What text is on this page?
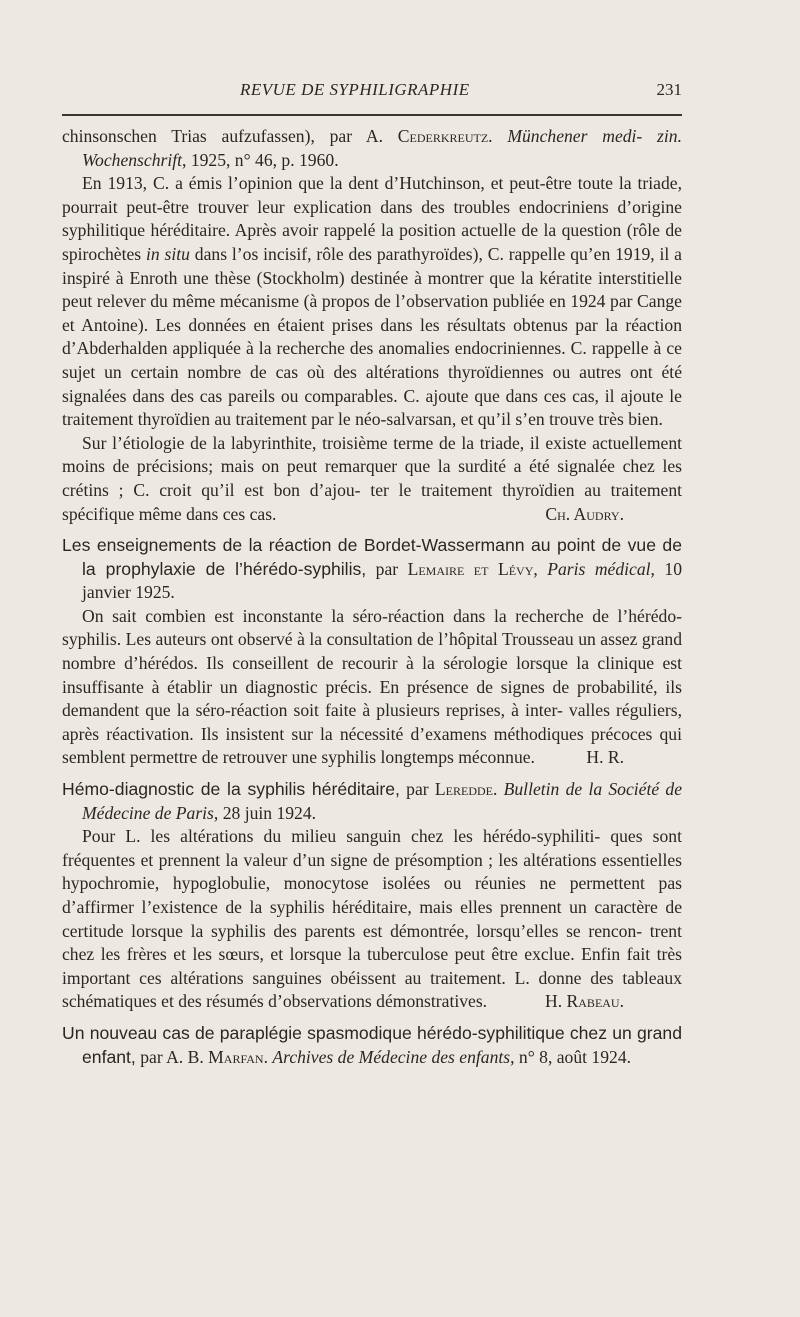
REVUE DE SYPHILIGRAPHIE	231

chinsonschen Trias aufzufassen), par A. Cederkreutz. Münchener medi- zin. Wochenschrift, 1925, n° 46, p. 1960.

En 1913, C. a émis l’opinion que la dent d’Hutchinson, et peut-être toute la triade, pourrait peut-être trouver leur explication dans des troubles endocriniens d’origine syphilitique héréditaire. Après avoir rappelé la position actuelle de la question (rôle de spirochètes in situ dans l’os incisif, rôle des parathyroïdes), C. rappelle qu’en 1919, il a inspiré à Enroth une thèse (Stockholm) destinée à montrer que la kératite interstitielle peut relever du même mécanisme (à propos de l’observation publiée en 1924 par Cange et Antoine). Les données en étaient prises dans les résultats obtenus par la réaction d’Abderhalden appliquée à la recherche des anomalies endocriniennes. C. rappelle à ce sujet un certain nombre de cas où des altérations thyroïdiennes ou autres ont été signalées dans des cas pareils ou comparables. C. ajoute que dans ces cas, il ajoute le traitement thyroïdien au traitement par le néo-salvarsan, et qu’il s’en trouve très bien.

Sur l’étiologie de la labyrinthite, troisième terme de la triade, il existe actuellement moins de précisions; mais on peut remarquer que la surdité a été signalée chez les crétins ; C. croit qu’il est bon d’ajou- ter le traitement thyroïdien au traitement spécifique même dans ces cas.	Ch. Audry.

Les enseignements de la réaction de Bordet-Wassermann au point de vue de la prophylaxie de l’hérédo-syphilis, par Lemaire et Lévy, Paris médical, 10 janvier 1925.

On sait combien est inconstante la séro-réaction dans la recherche de l’hérédo-syphilis. Les auteurs ont observé à la consultation de l’hôpital Trousseau un assez grand nombre d’hérédos. Ils conseillent de recourir à la sérologie lorsque la clinique est insuffisante à établir un diagnostic précis. En présence de signes de probabilité, ils demandent que la séro-réaction soit faite à plusieurs reprises, à inter- valles réguliers, après réactivation. Ils insistent sur la nécessité d’examens méthodiques précoces qui semblent permettre de retrouver une syphilis longtemps méconnue.	H. R.

Hémo-diagnostic de la syphilis héréditaire, par Leredde. Bulletin de la Société de Médecine de Paris, 28 juin 1924.

Pour L. les altérations du milieu sanguin chez les hérédo-syphiliti- ques sont fréquentes et prennent la valeur d’un signe de présomption ; les altérations essentielles hypochromie, hypoglobulie, monocytose isolées ou réunies ne permettent pas d’affirmer l’existence de la syphilis héréditaire, mais elles prennent un caractère de certitude lorsque la syphilis des parents est démontrée, lorsqu’elles se rencon- trent chez les frères et les sœurs, et lorsque la tuberculose peut être exclue. Enfin fait très important ces altérations sanguines obéissent au traitement. L. donne des tableaux schématiques et des résumés d’observations démonstratives.	H. Rabeau.

Un nouveau cas de paraplégie spasmodique hérédo-syphilitique chez un grand enfant, par A. B. Marfan. Archives de Médecine des enfants, n° 8, août 1924.
